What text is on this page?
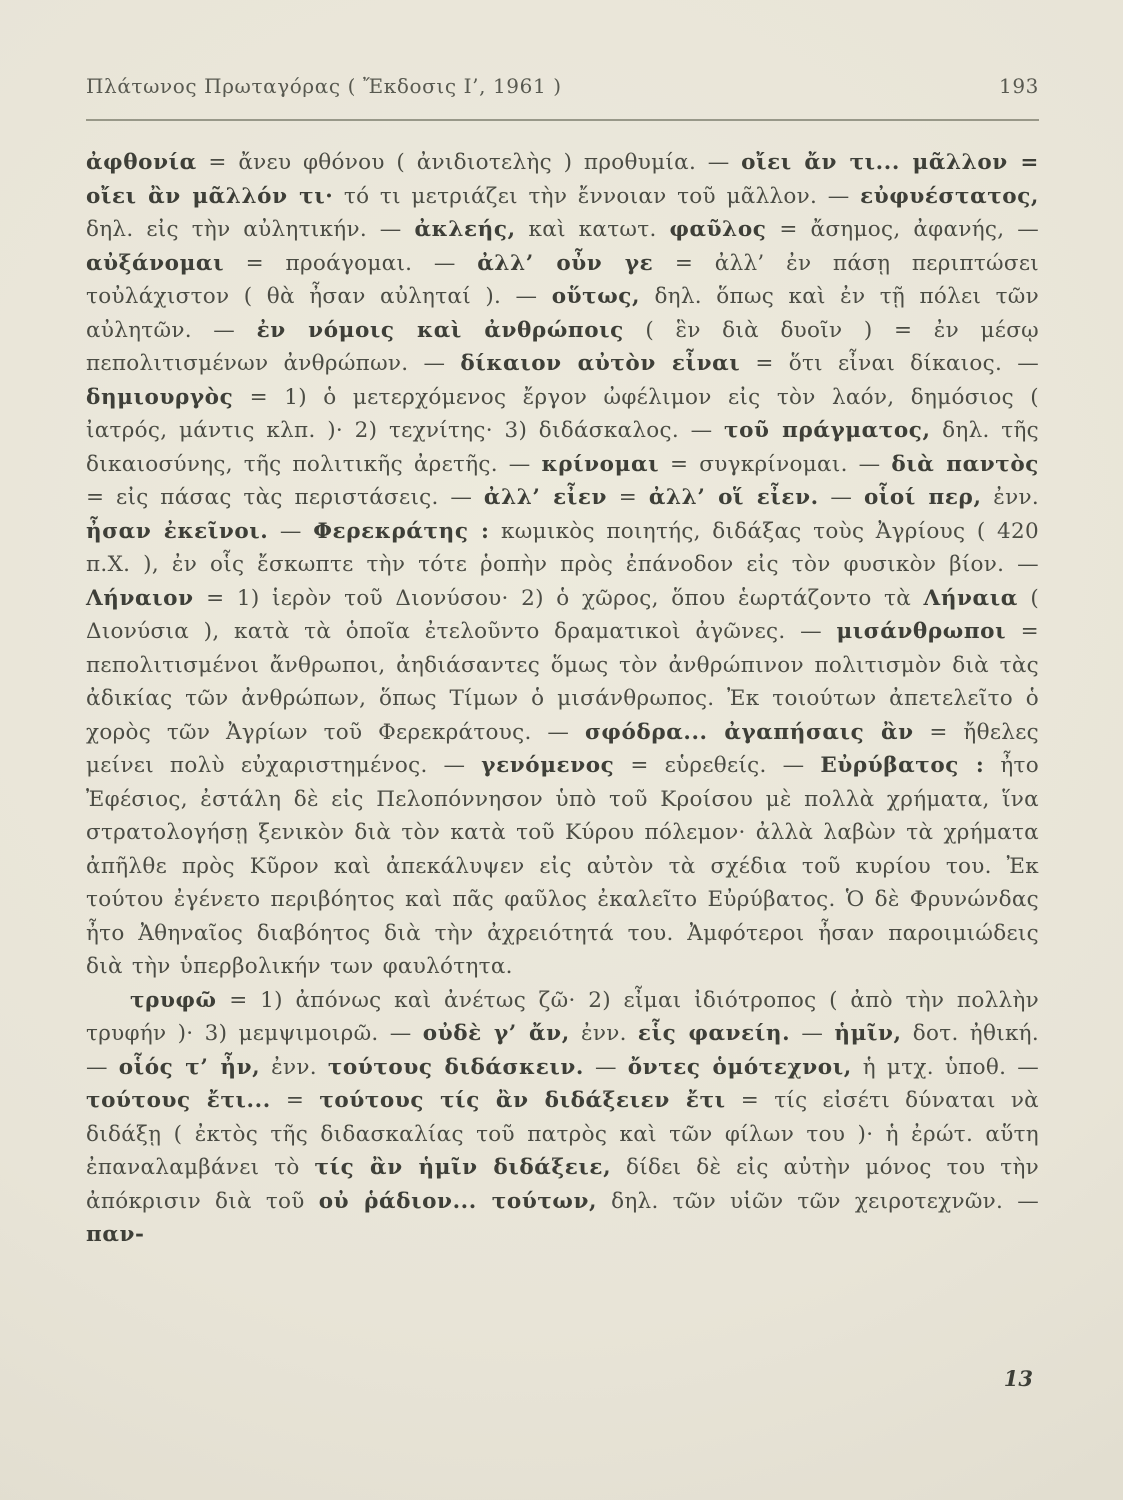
Πλάτωνος Πρωταγόρας ( Ἔκδοσις Ι’, 1961 )	193

ἀφθονία = ἄνευ φθόνου ( ἀνιδιοτελὴς ) προθυμία. — οἴει ἄν τι... μᾶλλον = οἴει ἂν μᾶλλόν τι· τό τι μετριάζει τὴν ἔννοιαν τοῦ μᾶλλον. — εὐφυέστατος, δηλ. εἰς τὴν αὐλητικήν. — ἀκλεής, καὶ κατωτ. φαῦλος = ἄσημος, ἀφανής, — αὐξάνομαι = προάγομαι. — ἀλλ’ οὖν γε = ἀλλ’ ἐν πάσῃ περιπτώσει τοὐλάχιστον ( θὰ ἦσαν αὐληταί ). — οὕτως, δηλ. ὅπως καὶ ἐν τῇ πόλει τῶν αὐλητῶν. — ἐν νόμοις καὶ ἀνθρώποις ( ἓν διὰ δυοῖν ) = ἐν μέσῳ πεπολιτισμένων ἀνθρώπων. — δίκαιον αὐτὸν εἶναι = ὅτι εἶναι δίκαιος. — δημιουργὸς = 1) ὁ μετερχόμενος ἔργον ὠφέλιμον εἰς τὸν λαόν, δημόσιος ( ἰατρός, μάντις κλπ. )· 2) τεχνίτης· 3) διδάσκαλος. — τοῦ πράγματος, δηλ. τῆς δικαιοσύνης, τῆς πολιτικῆς ἀρετῆς. — κρίνομαι = συγκρίνομαι. — διὰ παντὸς = εἰς πάσας τὰς περιστάσεις. — ἀλλ’ εἶεν = ἀλλ’ οἵ εἶεν. — οἷοί περ, ἐνν. ἦσαν ἐκεῖνοι. — Φερεκράτης : κωμικὸς ποιητής, διδάξας τοὺς Ἀγρίους ( 420 π.Χ. ), ἐν οἷς ἔσκωπτε τὴν τότε ῥοπὴν πρὸς ἐπάνοδον εἰς τὸν φυσικὸν βίον. — Λήναιον = 1) ἱερὸν τοῦ Διονύσου· 2) ὁ χῶρος, ὅπου ἑωρτάζοντο τὰ Λήναια ( Διονύσια ), κατὰ τὰ ὁποῖα ἐτελοῦντο δραματικοὶ ἀγῶνες. — μισάνθρωποι = πεπολιτισμένοι ἄνθρωποι, ἀηδιάσαντες ὅμως τὸν ἀνθρώπινον πολιτισμὸν διὰ τὰς ἀδικίας τῶν ἀνθρώπων, ὅπως Τίμων ὁ μισάνθρωπος. Ἐκ τοιούτων ἀπετελεῖτο ὁ χορὸς τῶν Ἀγρίων τοῦ Φερεκράτους. — σφόδρα... ἀγαπήσαις ἂν = ἤθελες μείνει πολὺ εὐχαριστημένος. — γενόμενος = εὑρεθείς. — Εὐρύβατος : ἦτο Ἐφέσιος, ἐστάλη δὲ εἰς Πελοπόννησον ὑπὸ τοῦ Κροίσου μὲ πολλὰ χρήματα, ἵνα στρατολογήσῃ ξενικὸν διὰ τὸν κατὰ τοῦ Κύρου πόλεμον· ἀλλὰ λαβὼν τὰ χρήματα ἀπῆλθε πρὸς Κῦρον καὶ ἀπεκάλυψεν εἰς αὐτὸν τὰ σχέδια τοῦ κυρίου του. Ἐκ τούτου ἐγένετο περιβόητος καὶ πᾶς φαῦλος ἐκαλεῖτο Εὐρύβατος. Ὁ δὲ Φρυνώνδας ἦτο Ἀθηναῖος διαβόητος διὰ τὴν ἀχρειότητά του. Ἀμφότεροι ἦσαν παροιμιώδεις διὰ τὴν ὑπερβολικήν των φαυλότητα.

τρυφῶ = 1) ἀπόνως καὶ ἀνέτως ζῶ· 2) εἶμαι ἰδιότροπος ( ἀπὸ τὴν πολλὴν τρυφήν )· 3) μεμψιμοιρῶ. — οὐδὲ γ’ ἄν, ἐνν. εἷς φανείη. — ἡμῖν, δοτ. ἠθική. — οἷός τ’ ἦν, ἐνν. τούτους διδάσκειν. — ὄντες ὁμότεχνοι, ἡ μτχ. ὑποθ. — τούτους ἔτι... = τούτους τίς ἂν διδάξειεν ἔτι = τίς εἰσέτι δύναται νὰ διδάξῃ ( ἐκτὸς τῆς διδασκαλίας τοῦ πατρὸς καὶ τῶν φίλων του )· ἡ ἐρώτ. αὕτη ἐπαναλαμβάνει τὸ τίς ἂν ἡμῖν διδάξειε, δίδει δὲ εἰς αὐτὴν μόνος του τὴν ἀπόκρισιν διὰ τοῦ οὐ ῥάδιον... τούτων, δηλ. τῶν υἱῶν τῶν χειροτεχνῶν. — παν-

13
